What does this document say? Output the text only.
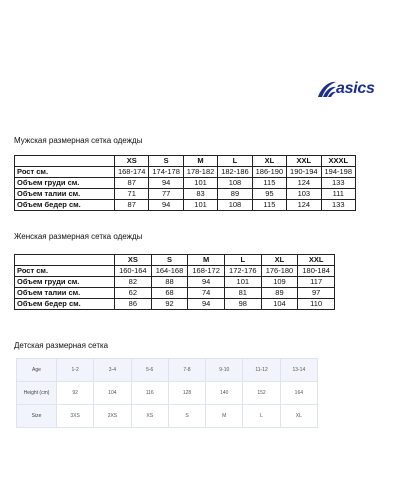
asics
Мужская размерная сетка одежды
	XS	S	M	L	XL	XXL	XXXL
Рост см.	168-174	174-178	178-182	182-186	186-190	190-194	194-198
Объем груди см.	87	94	101	108	115	124	133
Объем талии см.	71	77	83	89	95	103	111
Объем бедер см.	87	94	101	108	115	124	133
Женская размерная сетка одежды
	XS	S	M	L	XL	XXL
Рост см.	160-164	164-168	168-172	172-176	176-180	180-184
Объем груди см.	82	88	94	101	109	117
Объем талии см.	62	68	74	81	89	97
Объем бедер см.	86	92	94	98	104	110
Детская размерная сетка
Age	1-2	3-4	5-6	7-8	9-10	11-12	13-14
Height (cm)	92	104	116	128	140	152	164
Size	3XS	2XS	XS	S	M	L	XL
